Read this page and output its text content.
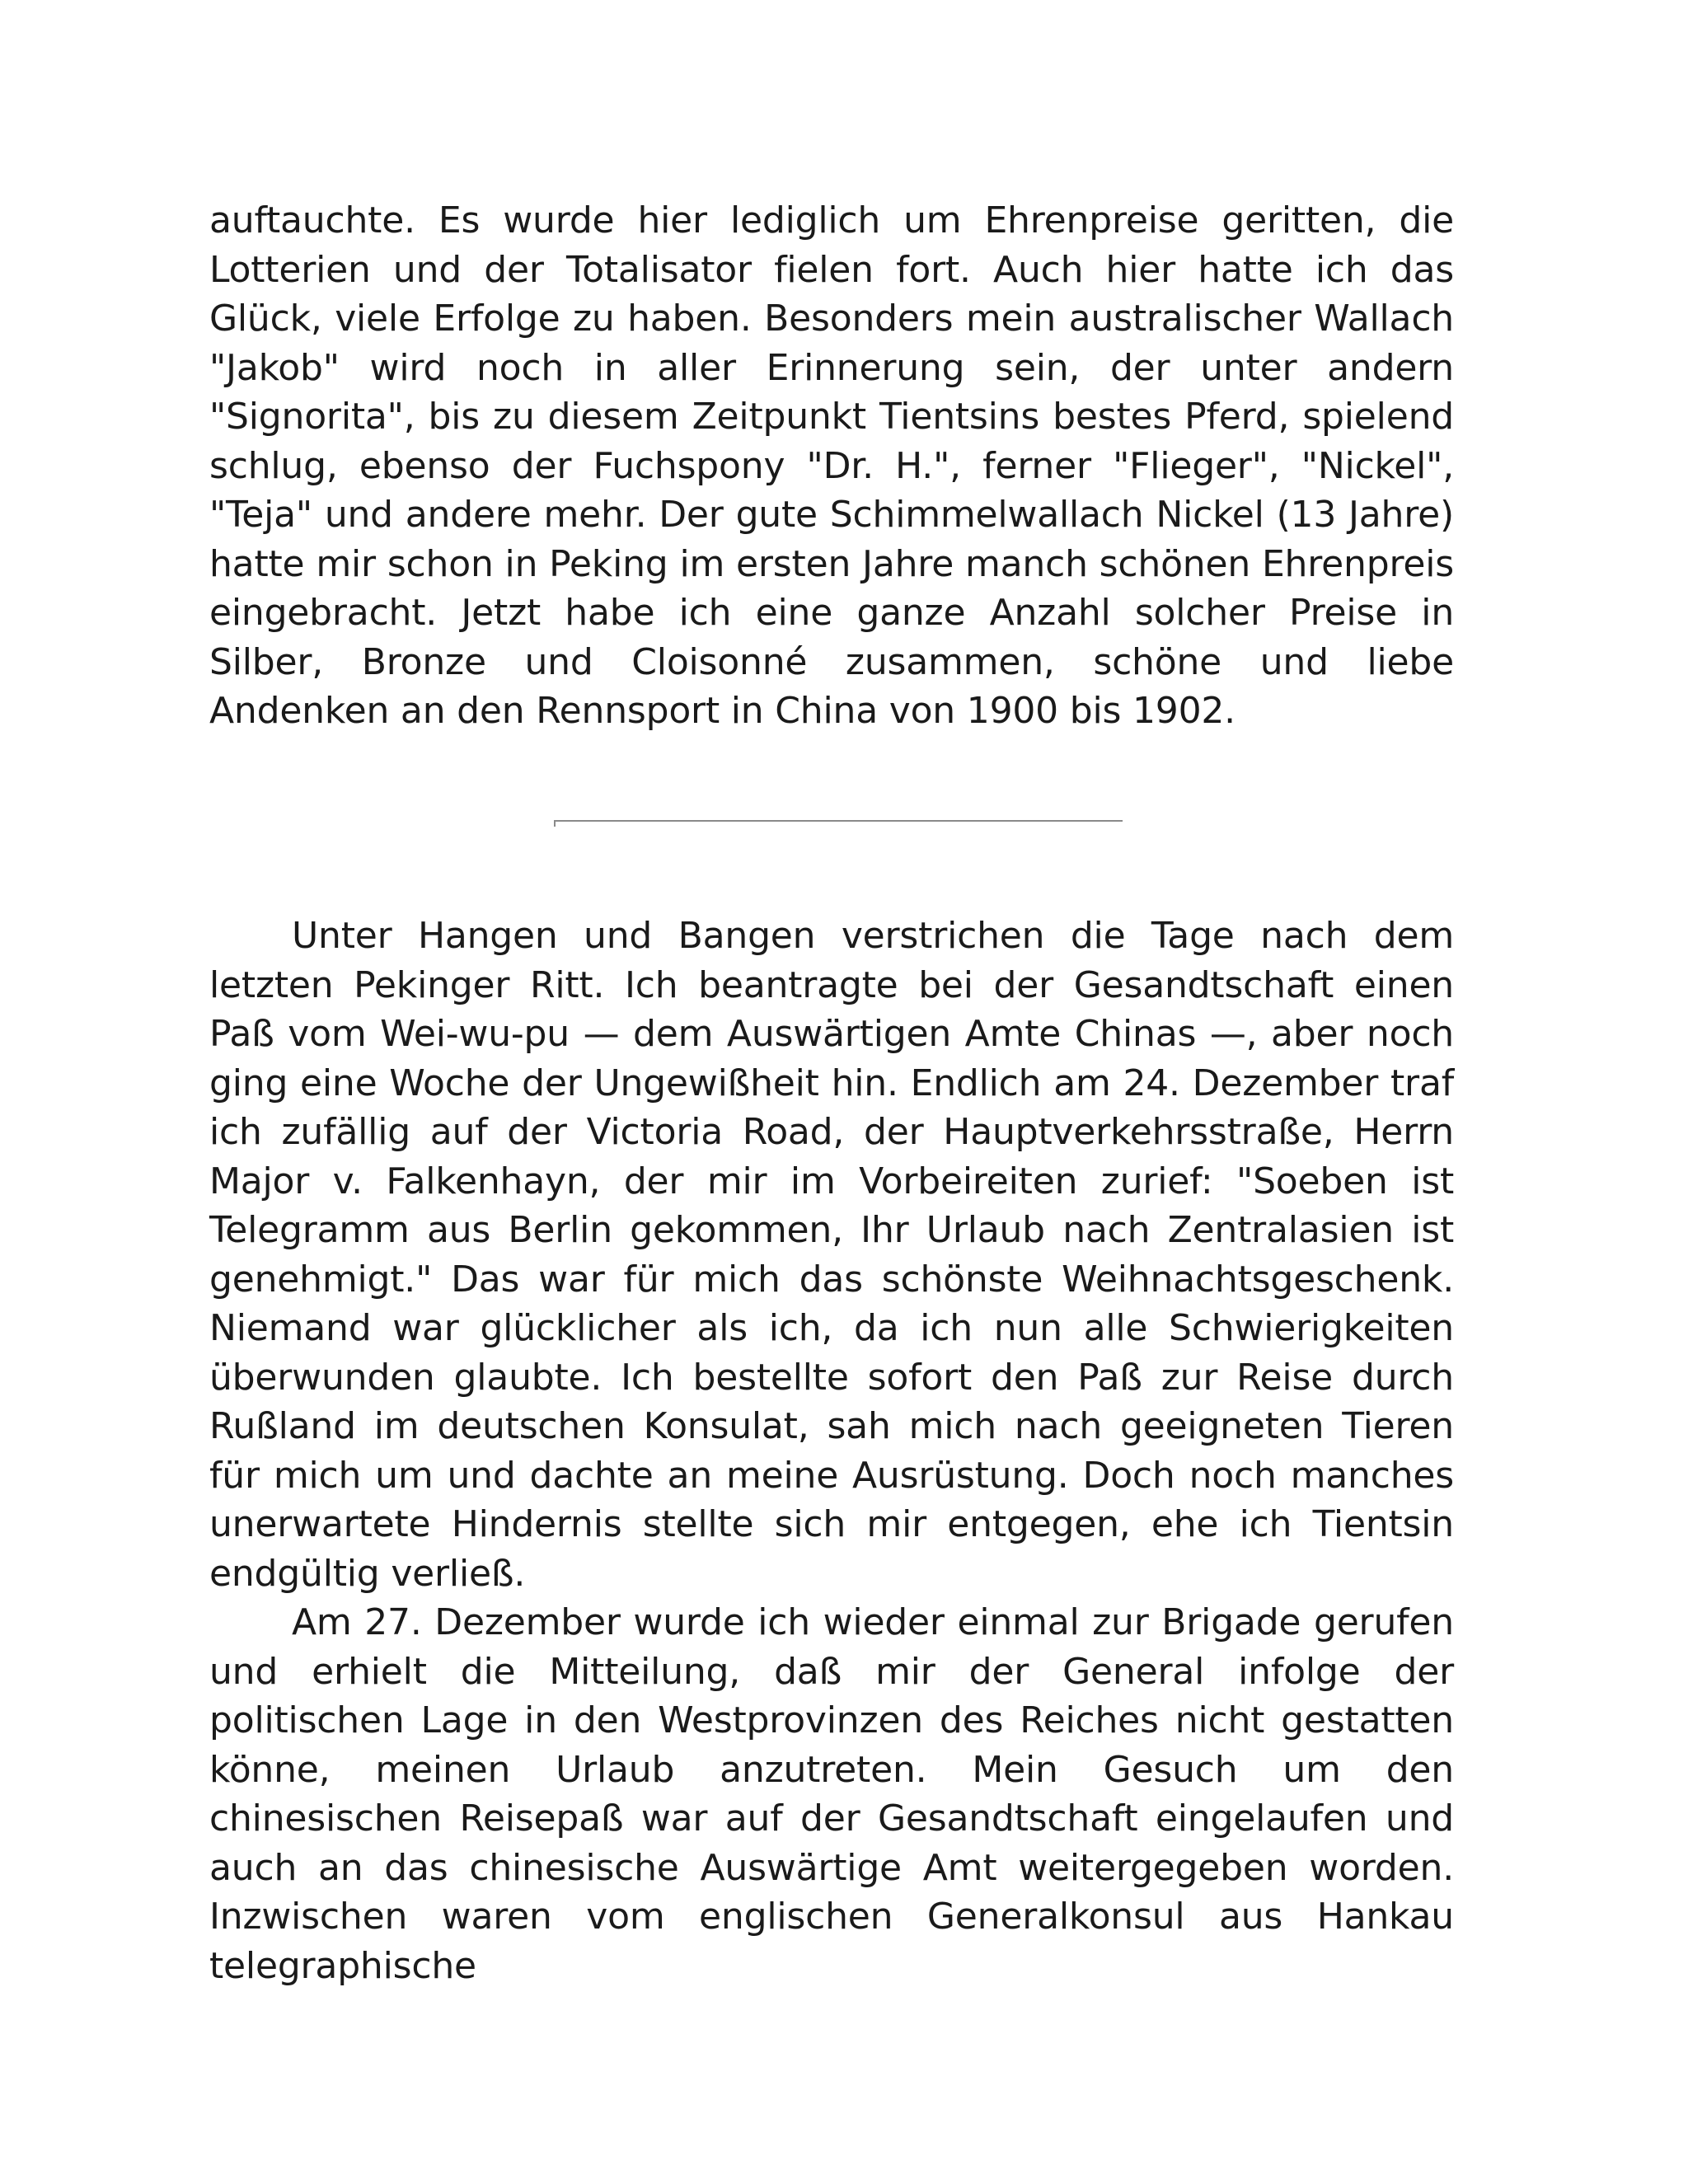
auftauchte. Es wurde hier lediglich um Ehrenpreise geritten, die Lotterien und der Totalisator fielen fort. Auch hier hatte ich das Glück, viele Erfolge zu haben. Besonders mein australischer Wallach "Jakob" wird noch in aller Erinnerung sein, der unter andern "Signorita", bis zu diesem Zeitpunkt Tientsins bestes Pferd, spielend schlug, ebenso der Fuchspony "Dr. H.", ferner "Flieger", "Nickel", "Teja" und andere mehr. Der gute Schimmelwallach Nickel (13 Jahre) hatte mir schon in Peking im ersten Jahre manch schönen Ehrenpreis eingebracht. Jetzt habe ich eine ganze Anzahl solcher Preise in Silber, Bronze und Cloisonné zusammen, schöne und liebe Andenken an den Rennsport in China von 1900 bis 1902.

Unter Hangen und Bangen verstrichen die Tage nach dem letzten Pekinger Ritt. Ich beantragte bei der Gesandtschaft einen Paß vom Wei-wu-pu — dem Auswärtigen Amte Chinas —, aber noch ging eine Woche der Ungewißheit hin. Endlich am 24. Dezember traf ich zufällig auf der Victoria Road, der Hauptverkehrsstraße, Herrn Major v. Falkenhayn, der mir im Vorbeireiten zurief: "Soeben ist Telegramm aus Berlin gekommen, Ihr Urlaub nach Zentralasien ist genehmigt." Das war für mich das schönste Weihnachtsgeschenk. Niemand war glücklicher als ich, da ich nun alle Schwierigkeiten überwunden glaubte. Ich bestellte sofort den Paß zur Reise durch Rußland im deutschen Konsulat, sah mich nach geeigneten Tieren für mich um und dachte an meine Ausrüstung. Doch noch manches unerwartete Hindernis stellte sich mir entgegen, ehe ich Tientsin endgültig verließ.

Am 27. Dezember wurde ich wieder einmal zur Brigade gerufen und erhielt die Mitteilung, daß mir der General infolge der politischen Lage in den Westprovinzen des Reiches nicht gestatten könne, meinen Urlaub anzutreten. Mein Gesuch um den chinesischen Reisepaß war auf der Gesandtschaft eingelaufen und auch an das chinesische Auswärtige Amt weitergegeben worden. Inzwischen waren vom englischen Generalkonsul aus Hankau telegraphische
